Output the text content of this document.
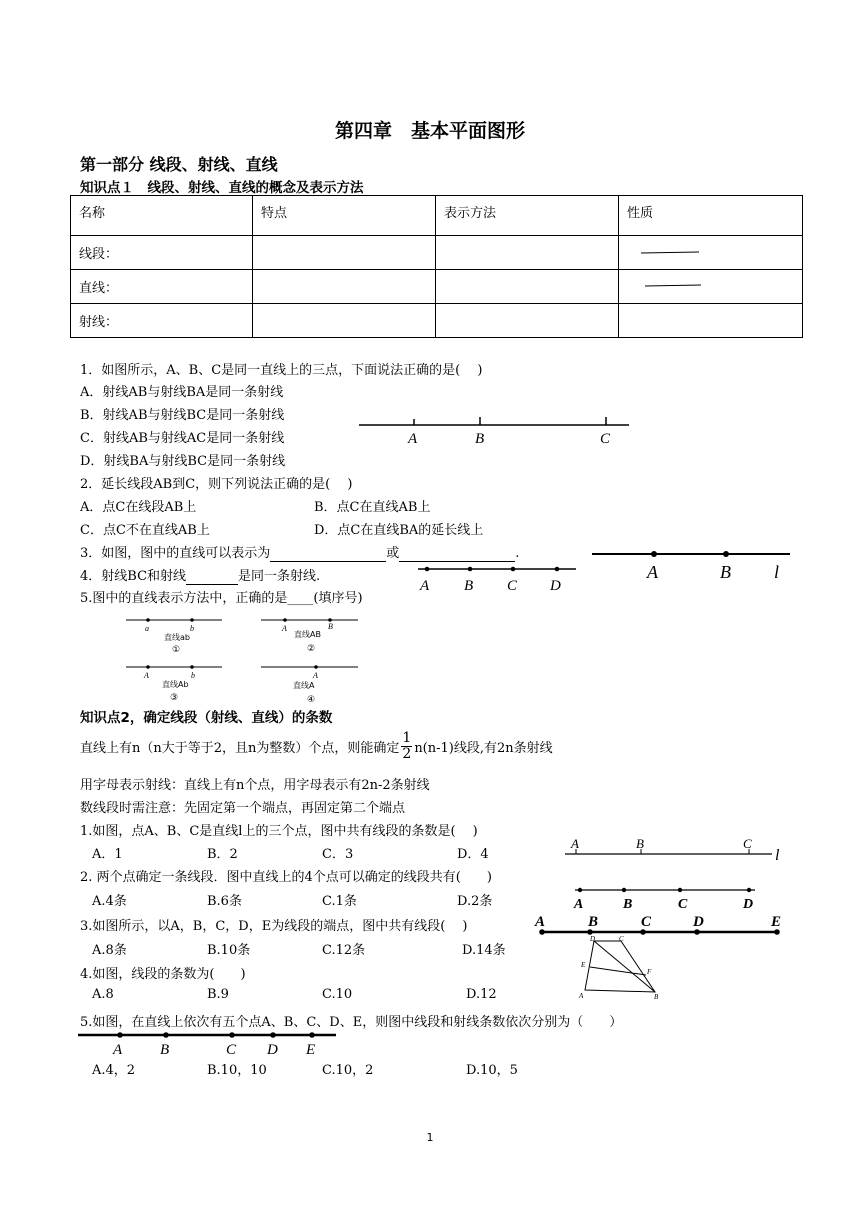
第四章　基本平面图形
第一部分 线段、射线、直线
知识点１　线段、射线、直线的概念及表示方法
名称	特点	表示方法	性质
线段：			
直线：			
射线：			
1．如图所示，A、B、C是同一直线上的三点，下面说法正确的是(　 )
A．射线AB与射线BA是同一条射线
B．射线AB与射线BC是同一条射线
C．射线AB与射线AC是同一条射线
D．射线BA与射线BC是同一条射线
A	B	C
2．延长线段AB到C，则下列说法正确的是(　 )
A．点C在线段AB上	B．点C在直线AB上
C．点C不在直线AB上	D．点C在直线BA的延长线上
3．如图，图中的直线可以表示为	或	.
A	B l
4．射线BC和射线	是同一条射线.
A B C D
5.图中的直线表示方法中，正确的是____(填序号)
a	b
直线ab
①
A	B
直线AB
②
A	b
直线Ab
③
A
直线A
④
知识点2，确定线段（射线、直线）的条数
直线上有n（n大于等于2，且n为整数）个点，则能确定 $\frac{1}{2} n(n-1)$线段,有2n条射线
用字母表示射线：直线上有n个点，用字母表示有2n-2条射线
数线段时需注意：先固定第一个端点，再固定第二个端点
1.如图，点A、B、C是直线l上的三个点，图中共有线段的条数是(　 )
A．1	B．2	C．3	D．4
A	B	C
l
2. 两个点确定一条线段．图中直线上的4个点可以确定的线段共有(　　)
A.4条	B.6条	C.1条	D.2条	A	B	C	D
3.如图所示，以A，B，C，D，E为线段的端点，图中共有线段(　 )
A.8条	B.10条	C.12条	D.14条
A	B	C	D	E
4.如图，线段的条数为(　　)
A.8	B.9	C.10	D.12
D	C
E
F
A	B
5.如图，在直线上依次有五个点A、B、C、D、E，则图中线段和射线条数依次分别为（　　）
A	B	C D E
A.4，2	B.10，10	C.10，2	D.10，5
1
